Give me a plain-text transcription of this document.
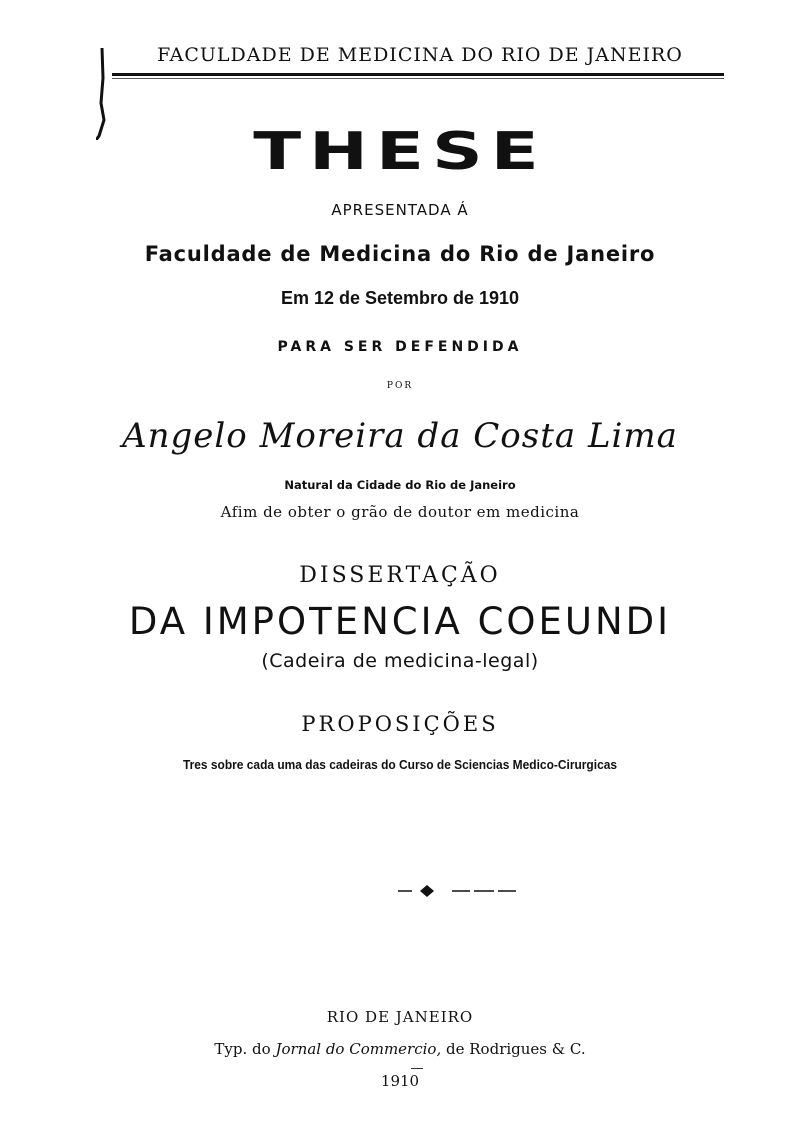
FACULDADE DE MEDICINA DO RIO DE JANEIRO
THESE
APRESENTADA Á
Faculdade de Medicina do Rio de Janeiro
Em 12 de Setembro de 1910
PARA SER DEFENDIDA
POR
Angelo Moreira da Costa Lima
Natural da Cidade do Rio de Janeiro
Afim de obter o grão de doutor em medicina
DISSERTAÇÃO
DA IMPOTENCIA COEUNDI
(Cadeira de medicina-legal)
PROPOSIÇÕES
Tres sobre cada uma das cadeiras do Curso de Sciencias Medico-Cirurgicas
RIO DE JANEIRO
Typ. do Jornal do Commercio, de Rodrigues & C.
1910
